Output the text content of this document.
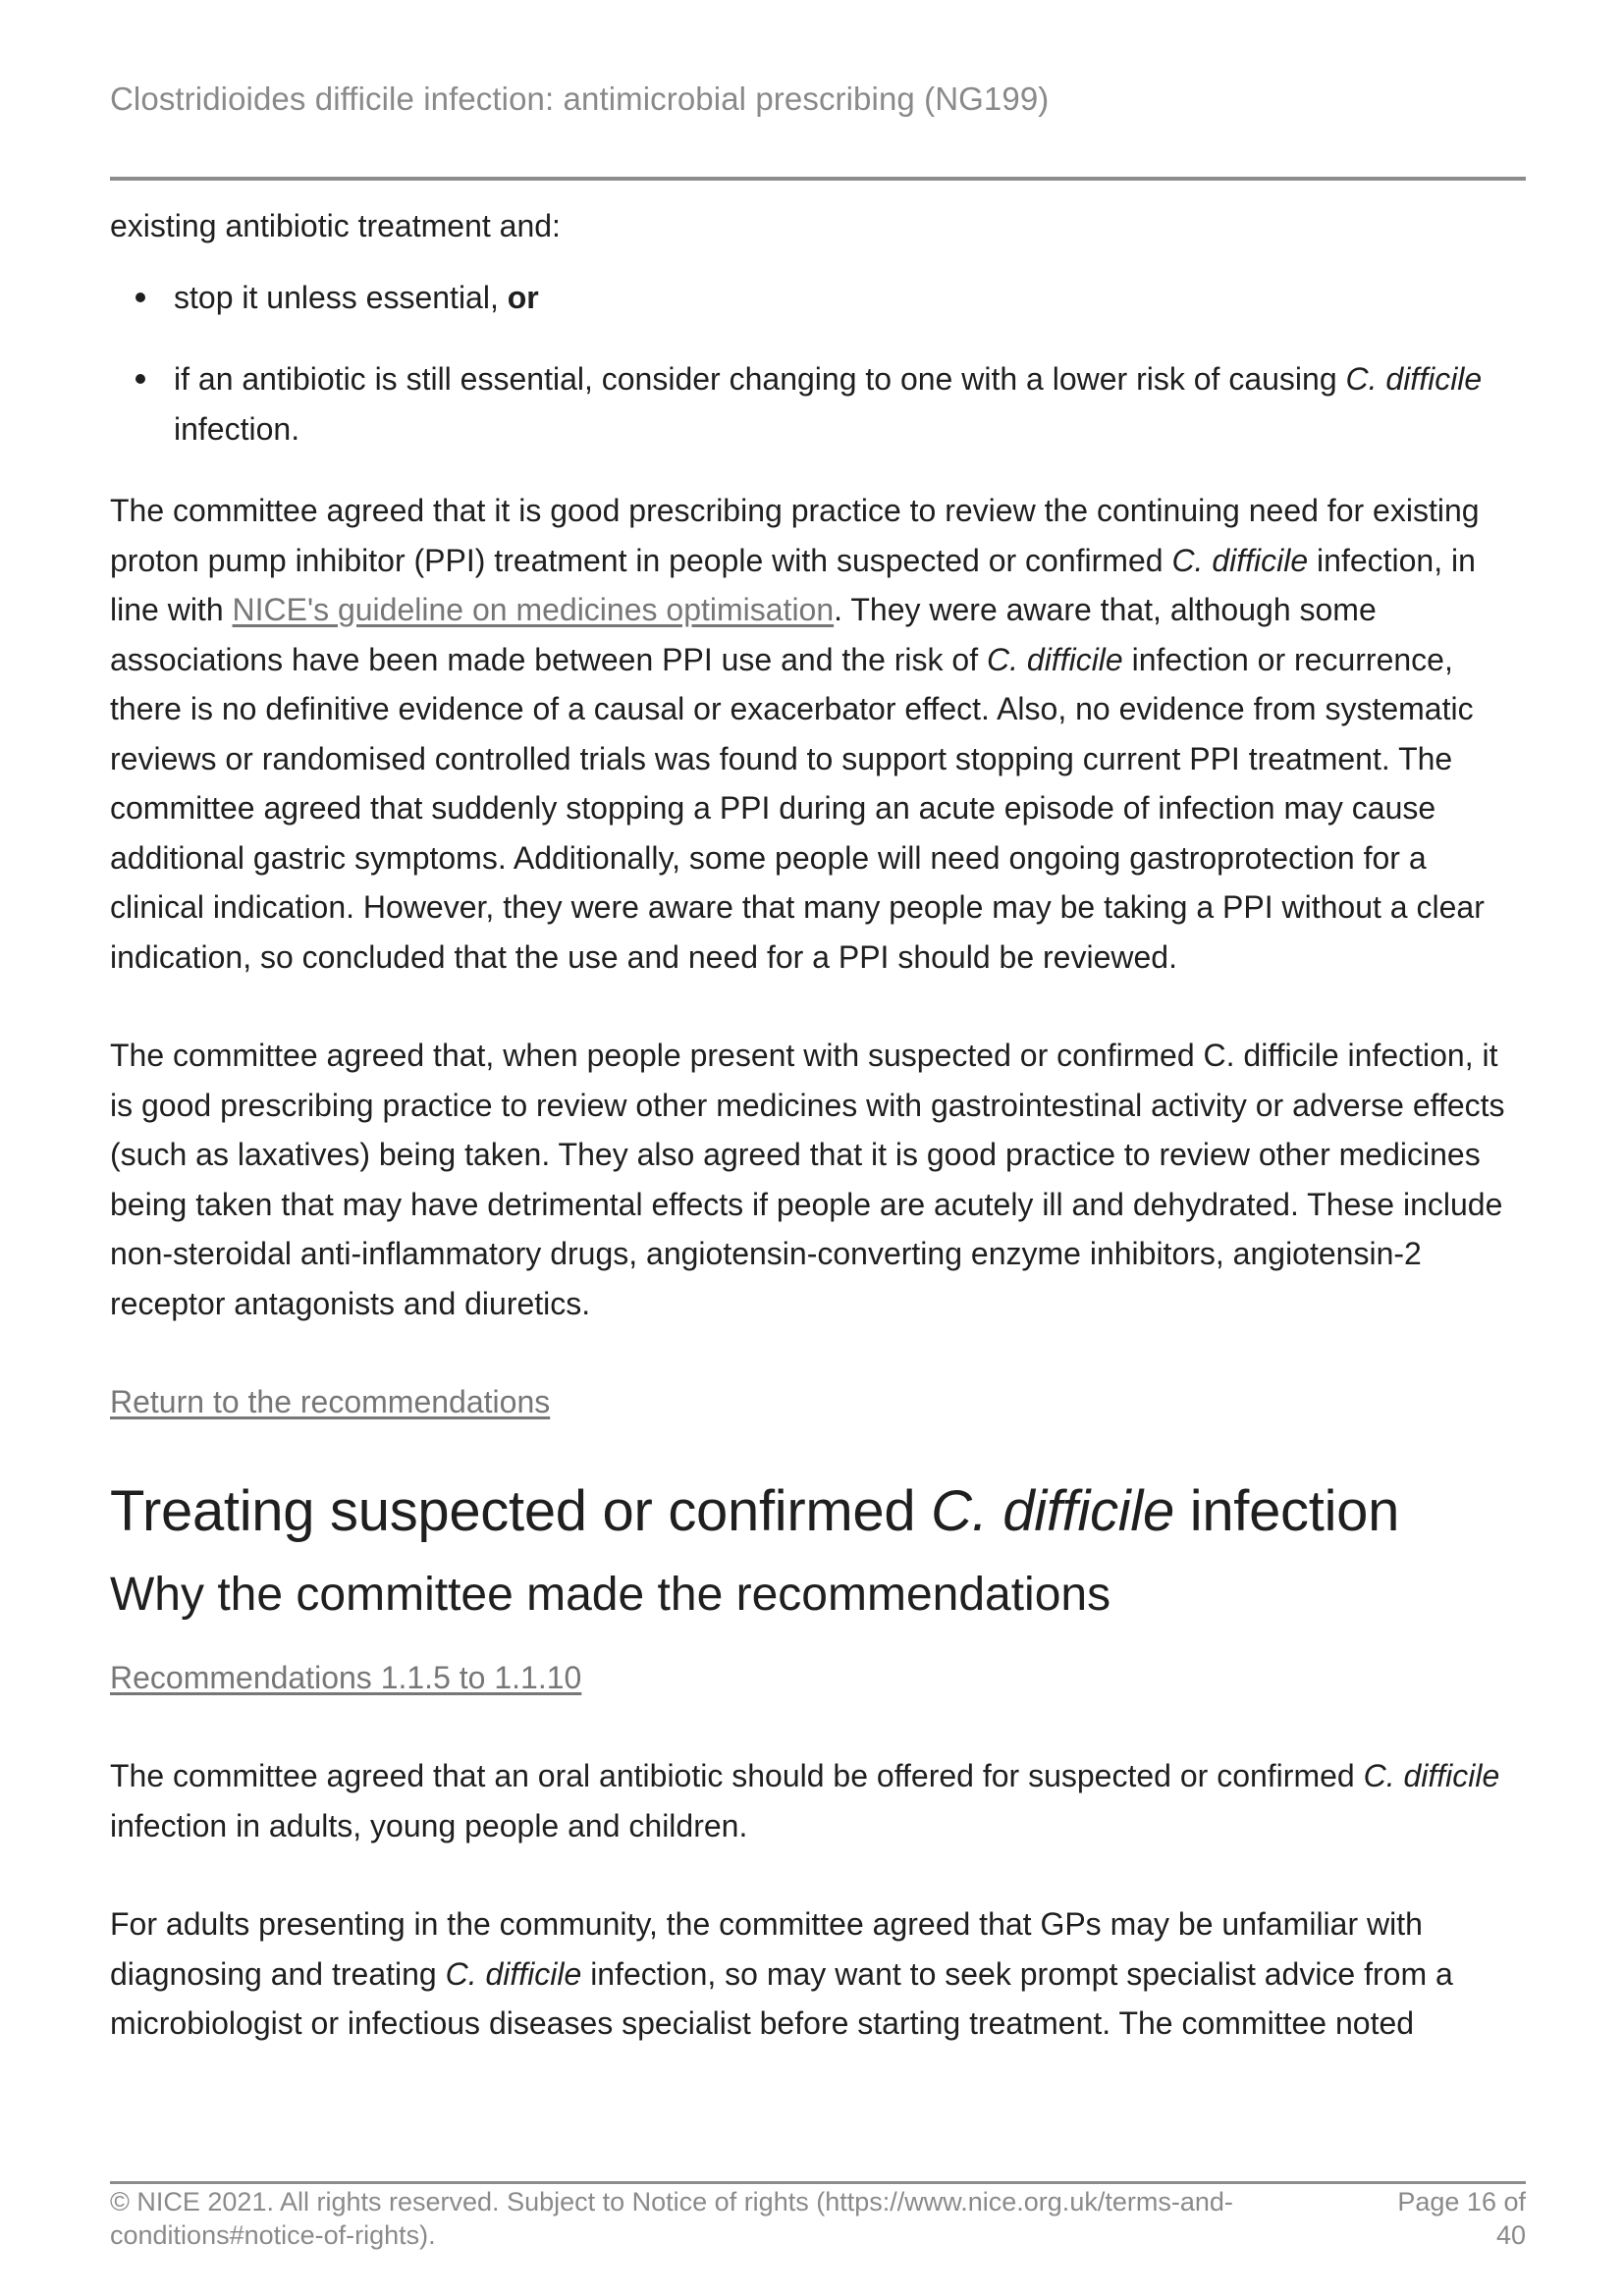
Clostridioides difficile infection: antimicrobial prescribing (NG199)

existing antibiotic treatment and:

stop it unless essential, or
if an antibiotic is still essential, consider changing to one with a lower risk of causing C. difficile
infection.

The committee agreed that it is good prescribing practice to review the continuing need for existing proton pump inhibitor (PPI) treatment in people with suspected or confirmed C. difficile infection, in line with NICE's guideline on medicines optimisation. They were aware that, although some associations have been made between PPI use and the risk of C. difficile infection or recurrence, there is no definitive evidence of a causal or exacerbator effect. Also, no evidence from systematic reviews or randomised controlled trials was found to support stopping current PPI treatment. The committee agreed that suddenly stopping a PPI during an acute episode of infection may cause additional gastric symptoms. Additionally, some people will need ongoing gastroprotection for a clinical indication. However, they were aware that many people may be taking a PPI without a clear indication, so concluded that the use and need for a PPI should be reviewed.

The committee agreed that, when people present with suspected or confirmed C. difficile infection, it is good prescribing practice to review other medicines with gastrointestinal activity or adverse effects (such as laxatives) being taken. They also agreed that it is good practice to review other medicines being taken that may have detrimental effects if people are acutely ill and dehydrated. These include non-steroidal anti-inflammatory drugs, angiotensin-converting enzyme inhibitors, angiotensin-2 receptor antagonists and diuretics.

Return to the recommendations

Treating suspected or confirmed C. difficile infection
Why the committee made the recommendations

Recommendations 1.1.5 to 1.1.10

The committee agreed that an oral antibiotic should be offered for suspected or confirmed C. difficile infection in adults, young people and children.

For adults presenting in the community, the committee agreed that GPs may be unfamiliar with diagnosing and treating C. difficile infection, so may want to seek prompt specialist advice from a microbiologist or infectious diseases specialist before starting treatment. The committee noted

© NICE 2021. All rights reserved. Subject to Notice of rights (https://www.nice.org.uk/terms-and-conditions#notice-of-rights).
Page 16 of 40
